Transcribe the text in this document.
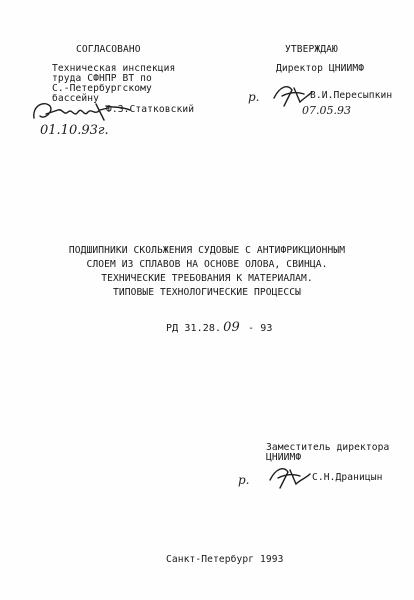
СОГЛАСОВАНО
Техническая инспекция
труда СФНПР ВТ по
С.-Петербургскому
бассейну
Ф.З.Статковский
01.10.93г.
УТВЕРЖДАЮ
Директор ЦНИИМФ
р.	В.И.Пересыпкин
07.05.93
ПОДШИПНИКИ СКОЛЬЖЕНИЯ СУДОВЫЕ С АНТИФРИКЦИОННЫМ
СЛОЕМ ИЗ СПЛАВОВ НА ОСНОВЕ ОЛОВА, СВИНЦА.
ТЕХНИЧЕСКИЕ ТРЕБОВАНИЯ К МАТЕРИАЛАМ.
ТИПОВЫЕ ТЕХНОЛОГИЧЕСКИЕ ПРОЦЕССЫ
РД 31.28. 09 - 93
Заместитель директора
ЦНИИМФ
р.	С.Н.Драницын
Санкт-Петербург 1993
